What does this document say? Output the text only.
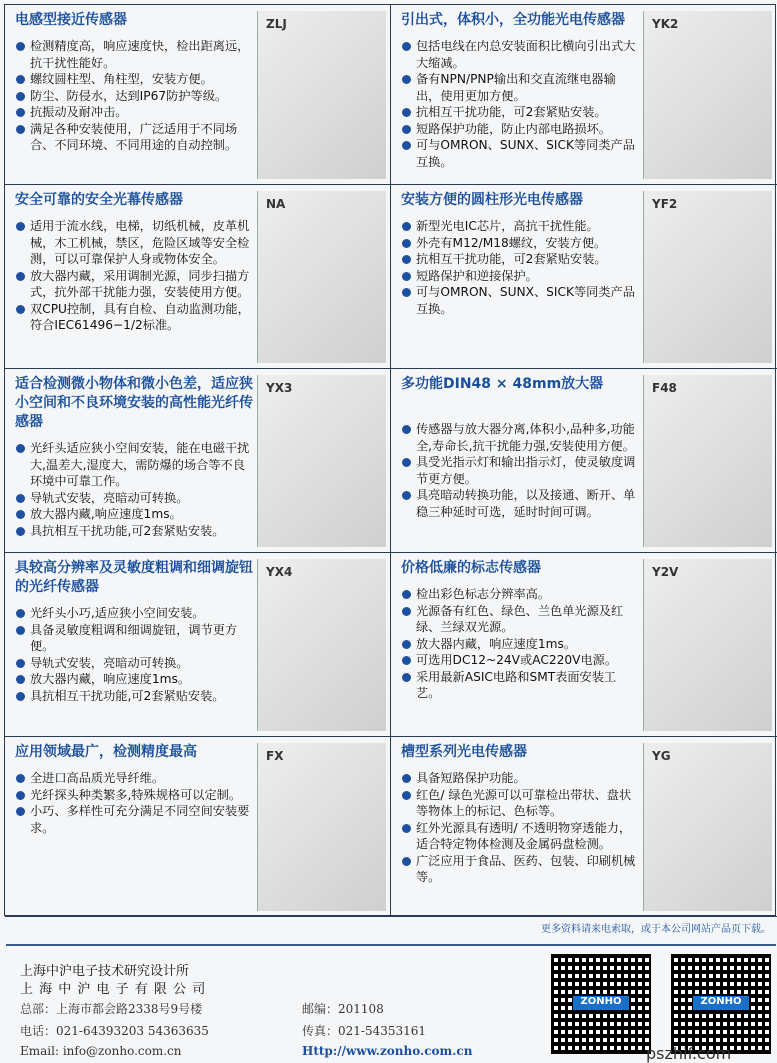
电感型接近传感器
检测精度高，响应速度快，检出距离远，抗干扰性能好。
螺纹圆柱型、角柱型，安装方便。
防尘、防侵水，达到IP67防护等级。
抗振动及耐冲击。
满足各种安装使用，广泛适用于不同场合、不同环境、不同用途的自动控制。
ZLJ	引出式，体积小，全功能光电传感器
包括电线在内总安装面积比横向引出式大大缩减。
备有NPN/PNP输出和交直流继电器输出，使用更加方便。
抗相互干扰功能，可2套紧贴安装。
短路保护功能，防止内部电路损坏。
可与OMRON、SUNX、SICK等同类产品互换。
YK2
安全可靠的安全光幕传感器
适用于流水线，电梯，切纸机械，皮革机械，木工机械，禁区，危险区域等安全检测，可以可靠保护人身或物体安全。
放大器内藏，采用调制光源，同步扫描方式，抗外部干扰能力强，安装使用方便。
双CPU控制，具有自检、自动监测功能，符合IEC61496−1/2标准。
NA	安装方便的圆柱形光电传感器
新型光电IC芯片，高抗干扰性能。
外壳有M12/M18螺纹，安装方便。
抗相互干扰功能，可2套紧贴安装。
短路保护和逆接保护。
可与OMRON、SUNX、SICK等同类产品互换。
YF2
适合检测微小物体和微小色差，适应狭小空间和不良环境安装的高性能光纤传感器
光纤头适应狭小空间安装，能在电磁干扰大,温差大,湿度大，需防爆的场合等不良环境中可靠工作。
导轨式安装，亮暗动可转换。
放大器内藏,响应速度1ms。
具抗相互干扰功能,可2套紧贴安装。
YX3	多功能DIN48 × 48mm放大器
传感器与放大器分离,体积小,品种多,功能全,寿命长,抗干扰能力强,安装使用方便。
具受光指示灯和输出指示灯，使灵敏度调节更方便。
具亮暗动转换功能，以及接通、断开、单稳三种延时可选，延时时间可调。
F48
具较高分辨率及灵敏度粗调和细调旋钮的光纤传感器
光纤头小巧,适应狭小空间安装。
具备灵敏度粗调和细调旋钮，调节更方便。
导轨式安装，亮暗动可转换。
放大器内藏，响应速度1ms。
具抗相互干扰功能,可2套紧贴安装。
YX4	价格低廉的标志传感器
检出彩色标志分辨率高。
光源备有红色、绿色、兰色单光源及红绿、兰绿双光源。
放大器内藏，响应速度1ms。
可选用DC12~24V或AC220V电源。
采用最新ASIC电路和SMT表面安装工艺。
Y2V
应用领域最广，检测精度最高
全进口高品质光导纤维。
光纤探头种类繁多,特殊规格可以定制。
小巧、多样性可充分满足不同空间安装要求。
FX	槽型系列光电传感器
具备短路保护功能。
红色/ 绿色光源可以可靠检出带状、盘状等物体上的标记、色标等。
红外光源具有透明/ 不透明物穿透能力，适合特定物体检测及金属码盘检测。
广泛应用于食品、医药、包装、印刷机械等。
YG
更多资料请来电索取，或于本公司网站产品页下载。
上海中沪电子技术研究设计所
上 海 中 沪 电 子 有 限 公 司
总部：上海市都会路2338号9号楼	邮编：201108
电话：021-64393203 54363635	传真：021-54353161
Email: info@zonho.com.cn	Http://www.zonho.com.cn
ZONHO	ZONHO
pszhif.com
